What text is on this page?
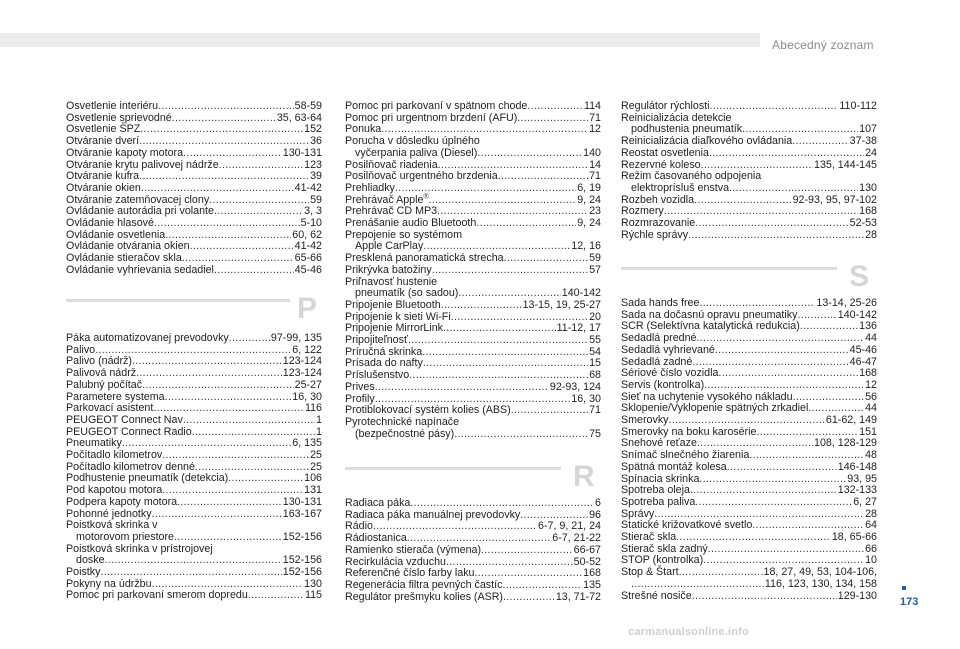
Abecedný zoznam
Osvetlenie interiéru .....	58-59
Osvetlenie sprievodné .....	35, 63-64
Osvetlenie ŠPZ .....	152
Otváranie dverí .....	36
Otváranie kapoty motora .....	130-131
Otváranie krytu palivovej nádrže .....	123
Otváranie kufra .....	39
Otváranie okien .....	41-42
Otváranie zatemňovacej clony .....	59
Ovládanie autorádia pri volante .....	3, 3
Ovládanie hlasové .....	5-10
Ovládanie osvetlenia .....	60, 62
Ovládanie otvárania okien .....	41-42
Ovládanie stieračov skla .....	65-66
Ovládanie vyhrievania sedadiel .....	45-46
P
Páka automatizovanej prevodovky .....	97-99, 135
Palivo .....	6, 122
Palivo (nádrž) .....	123-124
Palivová nádrž .....	123-124
Palubný počítač .....	25-27
Parametere systema .....	16, 30
Parkovací asistent .....	116
PEUGEOT Connect Nav .....	1
PEUGEOT Connect Radio .....	1
Pneumatiky .....	6, 135
Počítadlo kilometrov .....	25
Počítadlo kilometrov denné .....	25
Podhustenie pneumatík (detekcia) .....	106
Pod kapotou motora .....	131
Podpera kapoty motora .....	130-131
Pohonné jednotky .....	163-167
Poistková skrinka v
motorovom priestore .....	152-156
Poistková skrinka v prístrojovej
doske .....	152-156
Poistky .....	152-156
Pokyny na údržbu .....	130
Pomoc pri parkovaní smerom dopredu .....	115
Pomoc pri parkovaní v spätnom chode .....	114
Pomoc pri urgentnom brzdení (AFU) .....	71
Ponuka .....	12
Porucha v dôsledku úplného
vyčerpania paliva (Diesel) .....	140
Posilňovač riadenia .....	14
Posilňovač urgentného brzdenia .....	71
Prehliadky .....	6, 19
Prehrávač Apple® .....	9, 24
Prehrávač CD MP3 .....	23
Prenášanie audio Bluetooth .....	9, 24
Prepojenie so systémom
Apple CarPlay .....	12, 16
Presklená panoramatická strecha .....	59
Prikrývka batožiny .....	57
Priľnavosť hustenie
pneumatík (so sadou) .....	140-142
Pripojenie Bluetooth .....	13-15, 19, 25-27
Pripojenie k sieti Wi-Fi .....	20
Pripojenie MirrorLink .....	11-12, 17
Pripojiteľnosť .....	55
Príručná skrinka .....	54
Prísada do nafty .....	15
Príslušenstvo .....	68
Prives .....	92-93, 124
Profily .....	16, 30
Protiblokovací systém kolies (ABS) .....	71
Pyrotechnické napínače
(bezpečnostné pásy) .....	75
R
Radiaca páka .....	6
Radiaca páka manuálnej prevodovky .....	96
Rádio .....	6-7, 9, 21, 24
Rádiostanica .....	6-7, 21-22
Ramienko stierača (výmena) .....	66-67
Recirkulácia vzduchu .....	50-52
Referenčné číslo farby laku .....	168
Regenerácia filtra pevných častíc .....	135
Regulátor prešmyku kolies (ASR) .....	13, 71-72
Regulátor rýchlosti .....	110-112
Reinicializácia detekcie
podhustenia pneumatík .....	107
Reinicializácia diaľkového ovládania .....	37-38
Reostat osvetlenia .....	24
Rezervné koleso .....	135, 144-145
Režim časovaného odpojenia
elektroprísluš enstva .....	130
Rozbeh vozidla .....	92-93, 95, 97-102
Rozmery .....	168
Rozmrazovanie .....	52-53
Rýchle správy .....	28
S
Sada hands free .....	13-14, 25-26
Sada na dočasnú opravu pneumatiky .....	140-142
SCR (Selektívna katalytická redukcia) .....	136
Sedadlá predné .....	44
Sedadlá vyhrievané .....	45-46
Sedadlá zadné .....	46-47
Sériové číslo vozidla .....	168
Servis (kontrolka) .....	12
Sieť na uchytenie vysokého nákladu .....	56
Sklopenie/Vyklopenie spätných zrkadiel .....	44
Smerovky .....	61-62, 149
Smerovky na boku karosérie .....	151
Snehové reťaze .....	108, 128-129
Snímač slnečného žiarenia .....	48
Spätná montáž kolesa .....	146-148
Spínacia skrinka .....	93, 95
Spotreba oleja .....	132-133
Spotreba paliva .....	6, 27
Správy .....	28
Statické križovatkové svetlo .....	64
Stierač skla .....	18, 65-66
Stierač skla zadný .....	66
STOP (kontrolka) .....	10
Stop & Štart .....	18, 27, 49, 53, 104-106,
.....
116, 123, 130, 134, 158
Strešné nosiče .....	129-130
173
carmanualsonline.info
